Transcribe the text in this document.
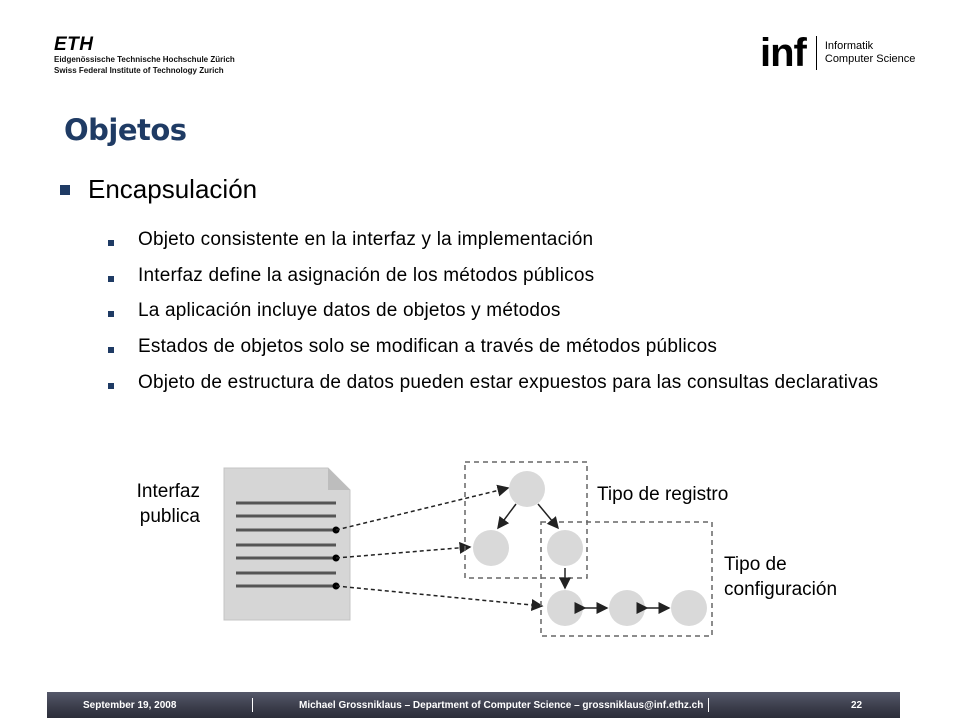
ETH
Eidgenössische Technische Hochschule Zürich
Swiss Federal Institute of Technology Zurich	inf Informatik
Computer Science
Objetos
Encapsulación
Objeto consistente en la interfaz y la implementación
Interfaz define la asignación de los métodos públicos
La aplicación incluye datos de objetos y métodos
Estados de objetos solo se modifican a través de métodos públicos
Objeto de estructura de datos pueden estar expuestos para las consultas declarativas
Interfaz
publica
Tipo de registro
Tipo de
configuración
September 19, 2008	Michael Grossniklaus – Department of Computer Science – grossniklaus@inf.ethz.ch	22
